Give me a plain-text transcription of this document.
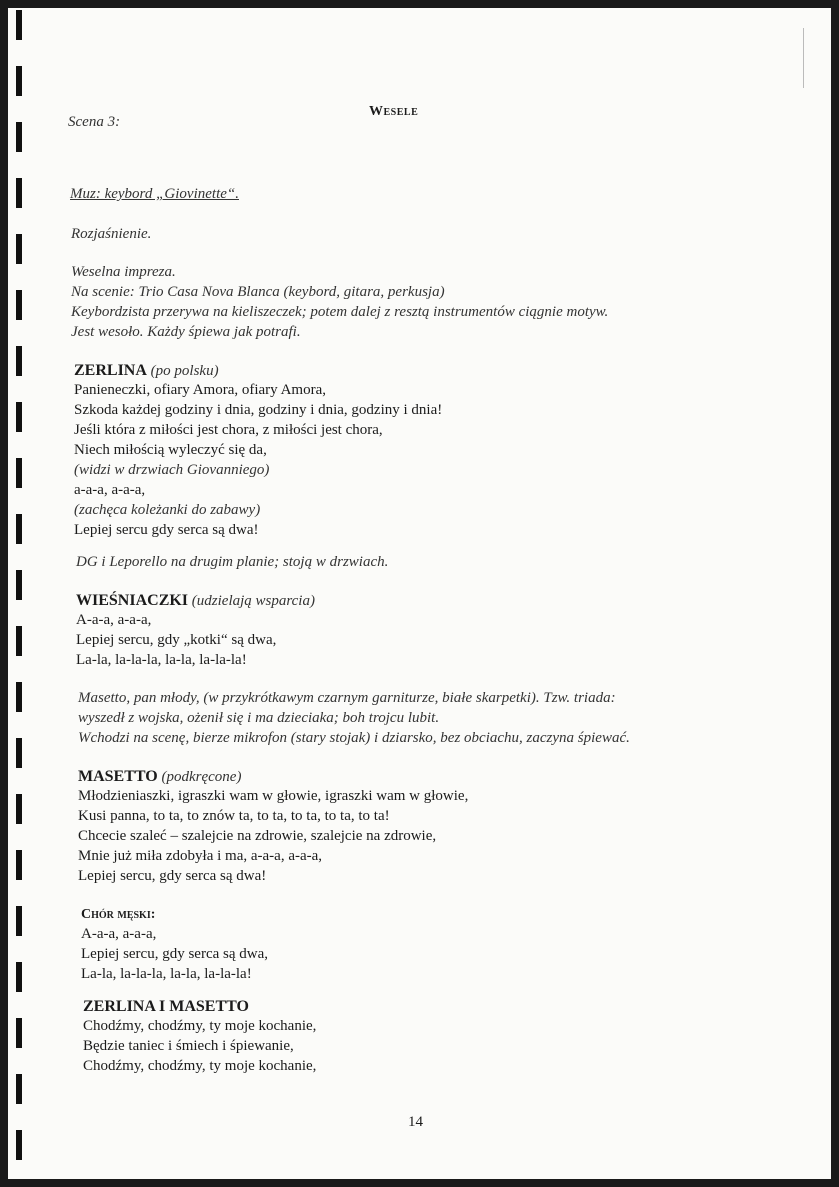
Scena 3:
Wesele
Muz: keybord „Giovinette“.
Rozjaśnienie.
Weselna impreza.
Na scenie: Trio Casa Nova Blanca (keybord, gitara, perkusja)
Keybordzista przerywa na kieliszeczek; potem dalej z resztą instrumentów ciągnie motyw.
Jest wesoło. Każdy śpiewa jak potrafi.
ZERLINA (po polsku)
Panieneczki, ofiary Amora, ofiary Amora,
Szkoda każdej godziny i dnia, godziny i dnia, godziny i dnia!
Jeśli która z miłości jest chora, z miłości jest chora,
Niech miłością wyleczyć się da,
(widzi w drzwiach Giovanniego)
a-a-a, a-a-a,
(zachęca koleżanki do zabawy)
Lepiej sercu gdy serca są dwa!
DG i Leporello na drugim planie; stoją w drzwiach.
WIEŚNIACZKI (udzielają wsparcia)
A-a-a, a-a-a,
Lepiej sercu, gdy „kotki“ są dwa,
La-la, la-la-la, la-la, la-la-la!
Masetto, pan młody, (w przykrótkawym czarnym garniturze, białe skarpetki). Tzw. triada:
wyszedł z wojska, ożenił się i ma dzieciaka; boh trojcu lubit.
Wchodzi na scenę, bierze mikrofon (stary stojak) i dziarsko, bez obciachu, zaczyna śpiewać.
MASETTO (podkręcone)
Młodzieniaszki, igraszki wam w głowie, igraszki wam w głowie,
Kusi panna, to ta, to znów ta, to ta, to ta, to ta, to ta!
Chcecie szaleć – szalejcie na zdrowie, szalejcie na zdrowie,
Mnie już miła zdobyła i ma, a-a-a, a-a-a,
Lepiej sercu, gdy serca są dwa!
Chór męski:
A-a-a, a-a-a,
Lepiej sercu, gdy serca są dwa,
La-la, la-la-la, la-la, la-la-la!
ZERLINA I MASETTO
Chodźmy, chodźmy, ty moje kochanie,
Będzie taniec i śmiech i śpiewanie,
Chodźmy, chodźmy, ty moje kochanie,
14
